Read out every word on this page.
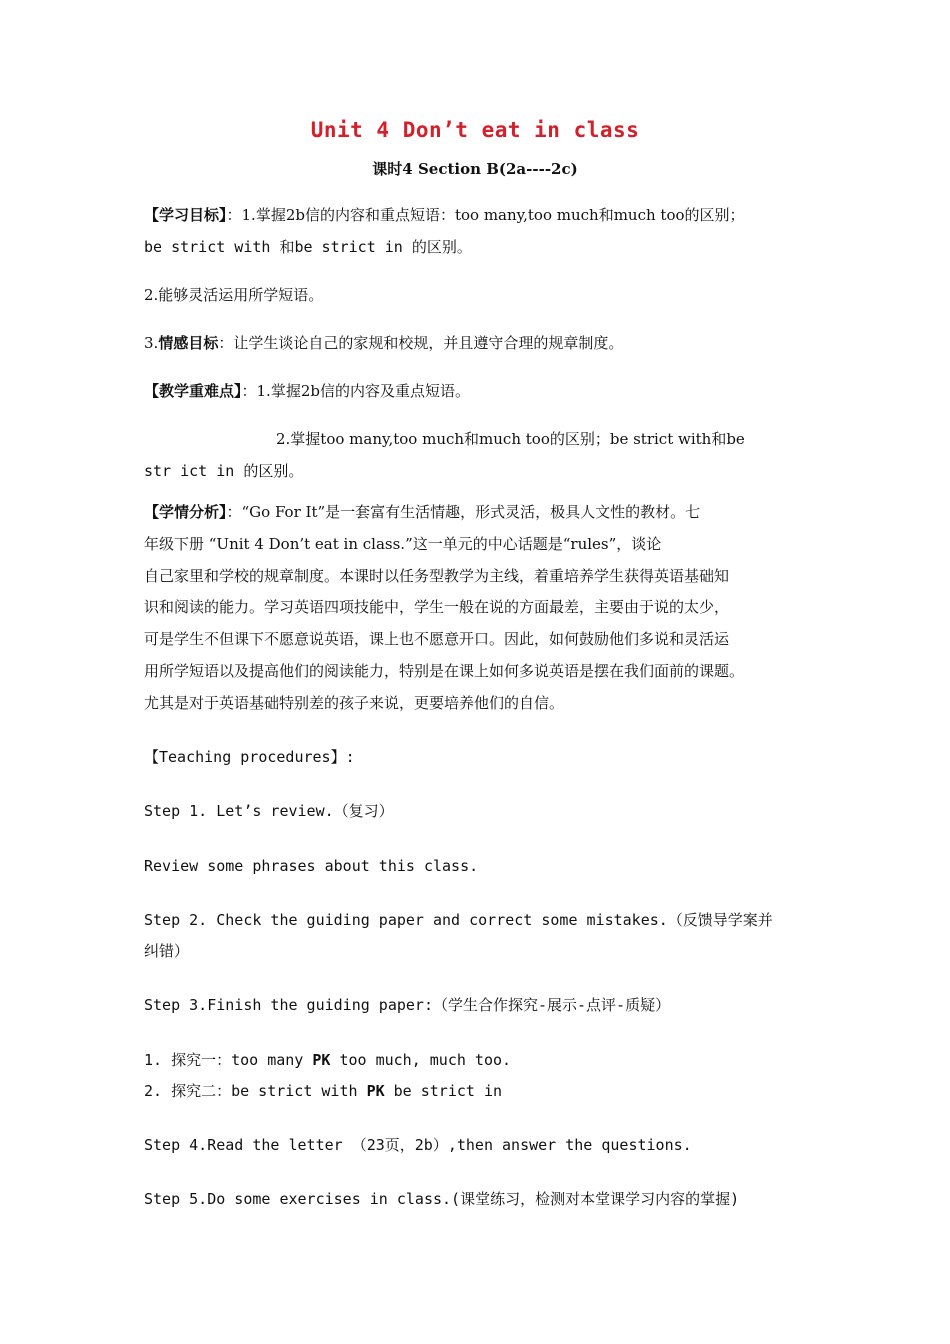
Unit 4 Don’t eat in class
课时4 Section B(2a----2c)
【学习目标】：1.掌握2b信的内容和重点短语：too many,too much和much too的区别；
be strict with 和be strict in 的区别。
2.能够灵活运用所学短语。
3.情感目标：让学生谈论自己的家规和校规，并且遵守合理的规章制度。
【教学重难点】：1.掌握2b信的内容及重点短语。
2.掌握too many,too much和much too的区别；be strict with和be
str ict in 的区别。
【学情分析】：“Go For It”是一套富有生活情趣，形式灵活，极具人文性的教材。七
年级下册 “Unit 4 Don’t eat in class.”这一单元的中心话题是“rules”，谈论
自己家里和学校的规章制度。本课时以任务型教学为主线，着重培养学生获得英语基础知
识和阅读的能力。学习英语四项技能中，学生一般在说的方面最差，主要由于说的太少，
可是学生不但课下不愿意说英语，课上也不愿意开口。因此，如何鼓励他们多说和灵活运
用所学短语以及提高他们的阅读能力，特别是在课上如何多说英语是摆在我们面前的课题。
尤其是对于英语基础特别差的孩子来说，更要培养他们的自信。
【Teaching procedures】:
Step 1. Let’s review.（复习）
Review some phrases about this class.
Step 2. Check the guiding paper and correct some mistakes.（反馈导学案并
纠错）
Step 3.Finish the guiding paper:（学生合作探究-展示-点评-质疑）
1. 探究一：too many PK too much, much too.
2. 探究二：be strict with PK be strict in
Step 4.Read the letter （23页，2b）,then answer the questions.
Step 5.Do some exercises in class.(课堂练习，检测对本堂课学习内容的掌握)
